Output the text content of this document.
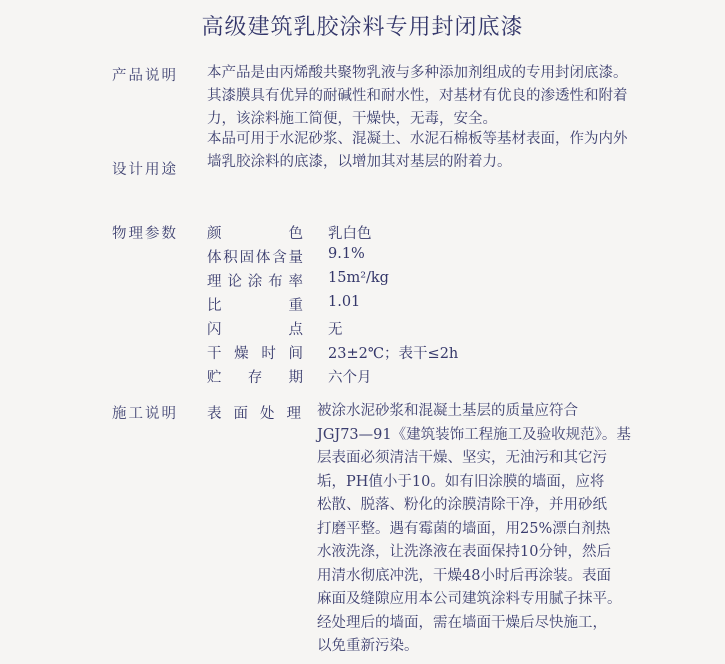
高级建筑乳胶涂料专用封闭底漆
产品说明 本产品是由丙烯酸共聚物乳液与多种添加剂组成的专用封闭底漆。
其漆膜具有优异的耐碱性和耐水性，对基材有优良的渗透性和附着
力，该涂料施工简便，干燥快，无毒，安全。
设计用途
本品可用于水泥砂浆、混凝土、水泥石棉板等基材表面，作为内外
墙乳胶涂料的底漆，以增加其对基层的附着力。
物理参数 颜	色 乳白色
体 积 固 体 含 量 9.1%
理 论 涂 布 率 15m²/kg
比	重 1.01
闪	点 无
干 燥 时 间 23±2℃；表干≤2h
贮 存 期 六个月
施工说明 表 面 处 理 被涂水泥砂浆和混凝土基层的质量应符合
JGJ73—91《建筑装饰工程施工及验收规范》。基
层表面必须清洁干燥、坚实，无油污和其它污
垢，PH值小于10。如有旧涂膜的墙面，应将
松散、脱落、粉化的涂膜清除干净，并用砂纸
打磨平整。遇有霉菌的墙面，用25%漂白剂热
水液洗涤，让洗涤液在表面保持10分钟，然后
用清水彻底冲洗，干燥48小时后再涂装。表面
麻面及缝隙应用本公司建筑涂料专用腻子抹平。
经处理后的墙面，需在墙面干燥后尽快施工，
以免重新污染。
